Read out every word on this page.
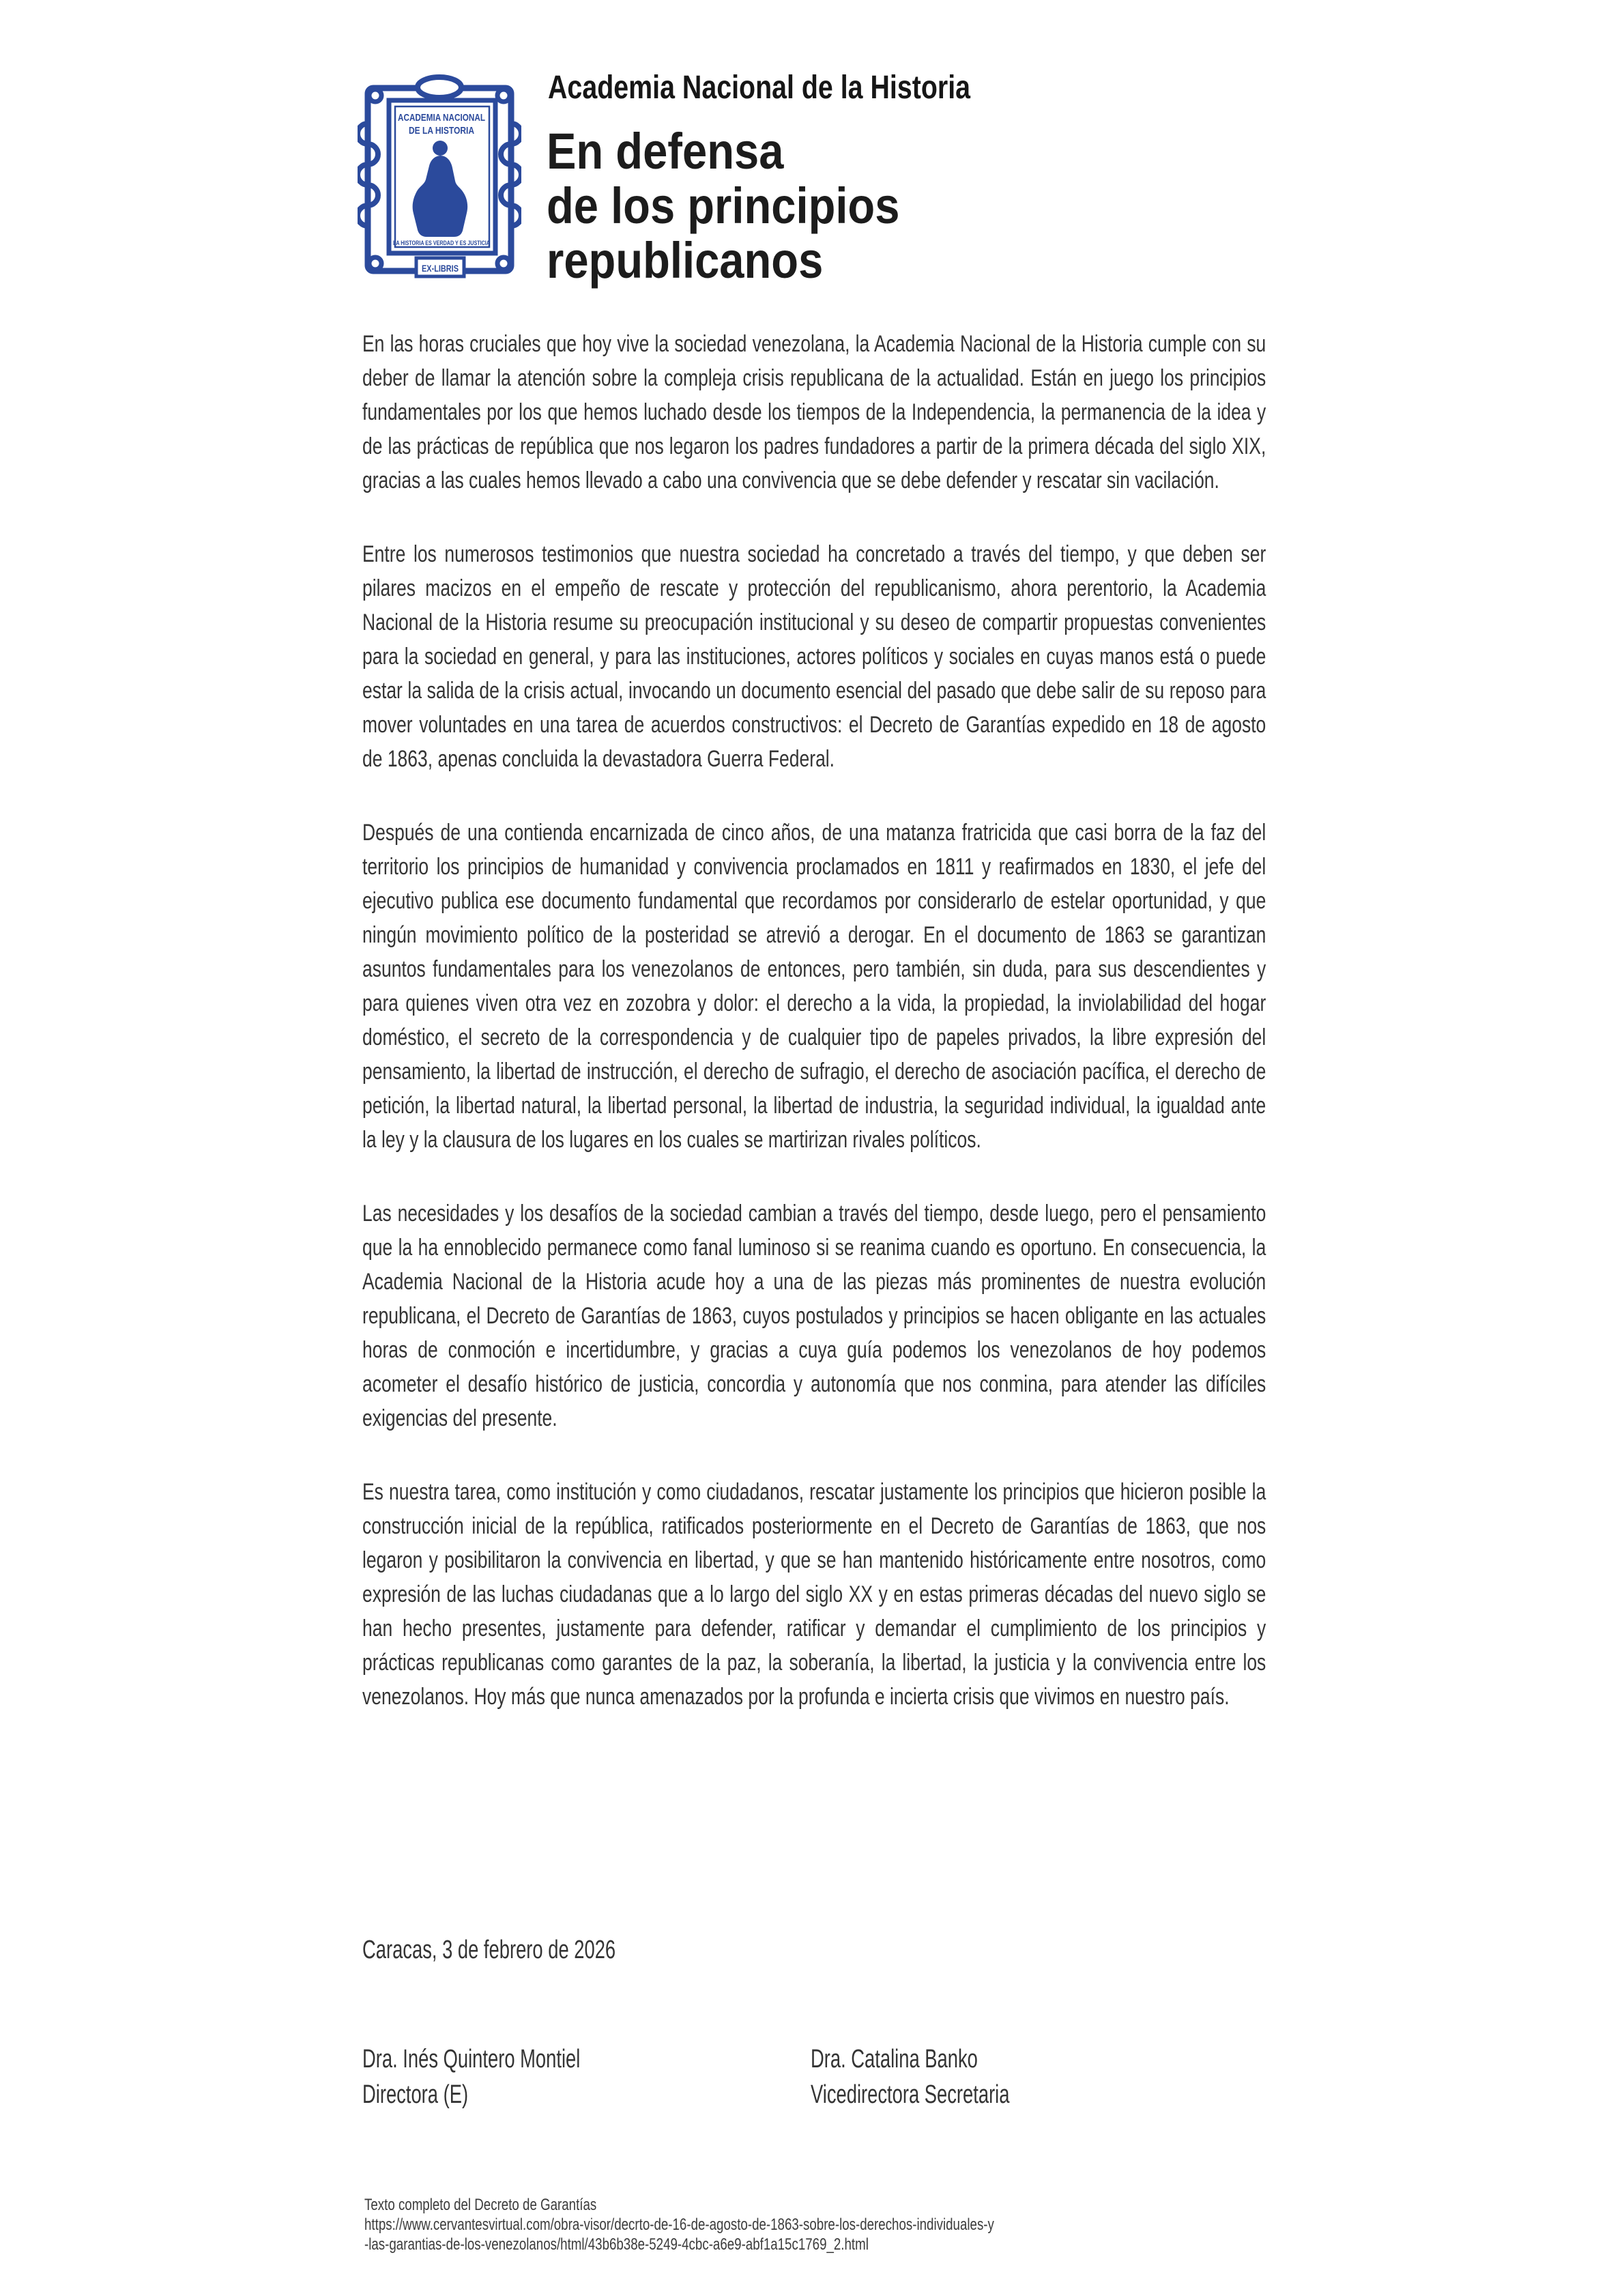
ACADEMIA NACIONAL
DE LA HISTORIA
LA HISTORIA ES VERDAD Y ES JUSTICIA
EX-LIBRIS
Academia Nacional de la Historia
En defensa
de los principios
republicanos

En las horas cruciales que hoy vive la sociedad venezolana, la Academia Nacional de la Historia cumple con su deber de llamar la atención sobre la compleja crisis republicana de la actualidad. Están en juego los principios fundamentales por los que hemos luchado desde los tiempos de la Independencia, la permanencia de la idea y de las prácticas de república que nos legaron los padres fundadores a partir de la primera década del siglo XIX, gracias a las cuales hemos llevado a cabo una convivencia que se debe defender y rescatar sin vacilación.

Entre los numerosos testimonios que nuestra sociedad ha concretado a través del tiempo, y que deben ser pilares macizos en el empeño de rescate y protección del republicanismo, ahora perentorio, la Academia Nacional de la Historia resume su preocupación institucional y su deseo de compartir propuestas convenientes para la sociedad en general, y para las instituciones, actores políticos y sociales en cuyas manos está o puede estar la salida de la crisis actual, invocando un documento esencial del pasado que debe salir de su reposo para mover voluntades en una tarea de acuerdos constructivos: el Decreto de Garantías expedido en 18 de agosto de 1863, apenas concluida la devastadora Guerra Federal.

Después de una contienda encarnizada de cinco años, de una matanza fratricida que casi borra de la faz del territorio los principios de humanidad y convivencia proclamados en 1811 y reafirmados en 1830, el jefe del ejecutivo publica ese documento fundamental que recordamos por considerarlo de estelar oportunidad, y que ningún movimiento político de la posteridad se atrevió a derogar. En el documento de 1863 se garantizan asuntos fundamentales para los venezolanos de entonces, pero también, sin duda, para sus descendientes y para quienes viven otra vez en zozobra y dolor: el derecho a la vida, la propiedad, la inviolabilidad del hogar doméstico, el secreto de la correspondencia y de cualquier tipo de papeles privados, la libre expresión del pensamiento, la libertad de instrucción, el derecho de sufragio, el derecho de asociación pacífica, el derecho de petición, la libertad natural, la libertad personal, la libertad de industria, la seguridad individual, la igualdad ante la ley y la clausura de los lugares en los cuales se martirizan rivales políticos.

Las necesidades y los desafíos de la sociedad cambian a través del tiempo, desde luego, pero el pensamiento que la ha ennoblecido permanece como fanal luminoso si se reanima cuando es oportuno. En consecuencia, la Academia Nacional de la Historia acude hoy a una de las piezas más prominentes de nuestra evolución republicana, el Decreto de Garantías de 1863, cuyos postulados y principios se hacen obligante en las actuales horas de conmoción e incertidumbre, y gracias a cuya guía podemos los venezolanos de hoy podemos acometer el desafío histórico de justicia, concordia y autonomía que nos conmina, para atender las difíciles exigencias del presente.

Es nuestra tarea, como institución y como ciudadanos, rescatar justamente los principios que hicieron posible la construcción inicial de la república, ratificados posteriormente en el Decreto de Garantías de 1863, que nos legaron y posibilitaron la convivencia en libertad, y que se han mantenido históricamente entre nosotros, como expresión de las luchas ciudadanas que a lo largo del siglo XX y en estas primeras décadas del nuevo siglo se han hecho presentes, justamente para defender, ratificar y demandar el cumplimiento de los principios y prácticas republicanas como garantes de la paz, la soberanía, la libertad, la justicia y la convivencia entre los venezolanos. Hoy más que nunca amenazados por la profunda e incierta crisis que vivimos en nuestro país.

Caracas, 3 de febrero de 2026
Dra. Inés Quintero Montiel
Directora (E)
Dra. Catalina Banko
Vicedirectora Secretaria
Texto completo del Decreto de Garantías
https://www.cervantesvirtual.com/obra-visor/decrto-de-16-de-agosto-de-1863-sobre-los-derechos-individuales-y
-las-garantias-de-los-venezolanos/html/43b6b38e-5249-4cbc-a6e9-abf1a15c1769_2.html
